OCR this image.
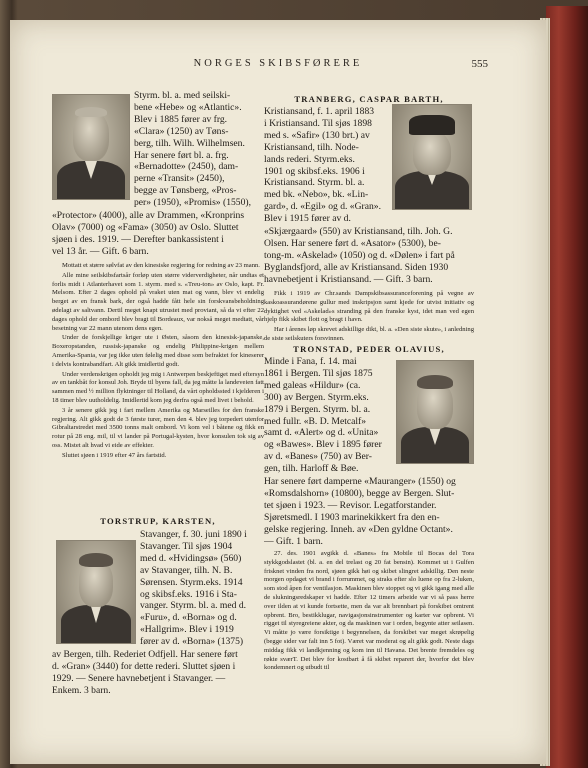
NORGES SKIBSFØRERE	555
Styrm. bl. a. med seilski-
bene «Hebe» og «Atlantic».
Blev i 1885 fører av frg.
«Clara» (1250) av Tøns-
berg, tilh. Wilh. Wilhelmsen.
Har senere ført bl. a. frg.
«Bernadotte» (2450), dam-
perne «Transit» (2450),
begge av Tønsberg, «Pros-
per» (1950), «Promis» (1550),
«Protector» (4000), alle av Drammen, «Kronprins
Olav» (7000) og «Fama» (3050) av Oslo. Sluttet
sjøen i des. 1919. — Derefter bankassistent i
vel 13 år. — Gift. 6 barn.

Mottatt et større sølvfat av den kinesiske regjering for redning av 23 mann.

Alle mine seilskibsfartsår forløp uten større viderverdigheter, når undtas et forlis midt i Atlanterhavet som 1. styrm. med s. «Treu-ton» av Oslo, kapt. Fr. Melsom. Efter 2 dages ophold på vraket uten mat og vann, blev vi endelig berget av en fransk bark, der også hadde fått hele sin forskvansbeholdning ødelagt av saltvann. Dertil meget knapt utrustet med proviant, så da vi efter 22 dages ophold der ombord blev bragt til Bordeaux, var nokså meget medtatt, vår besetning var 22 mann utenom dens egen.

Under de forskjellige kriger ute i Østen, såsom den kinesisk-japanske, Boxeropstanden, russisk-japanske og endelig Philippine-krigen mellem Amerika-Spania, var jeg ikke uten følelig med disse som befraktet for kineserer i delvis kontrabandfart. Alt gikk imidlertid godt.

Under verdenskrigen opholdt jeg mig i Antwerpen beskjeftiget med eftersyn av en tankbåt for konsul Joh. Bryde til byens fall, da jeg måtte la landeveien fatt sammen med ½ million flyktninger til Holland, da vårt opholdssted i kjelderen i 18 timer blev uutholdelig. Imidlertid kom jeg derfra også med livet i behold.

3 år senere gikk jeg i fart mellem Amerika og Marseilles for den franske regjering. Alt gikk godt de 3 første turer, men den 4. blev jeg torpedert utenfor Gibraltarstredet med 3500 tonns malt ombord. Vi kom vel i båtene og fikk en rotur på 28 eng. mil, til vi lander på Portugal-kysten, hvor konsulen tok sig av oss. Mistet alt hvad vi eide av effekter.

Sluttet sjøen i 1919 efter 47 års fartstid.

TORSTRUP, KARSTEN,
Stavanger, f. 30. juni 1890 i
Stavanger. Til sjøs 1904
med d. «Hvidingsø» (560)
av Stavanger, tilh. N. B.
Sørensen. Styrm.eks. 1914
og skibsf.eks. 1916 i Sta-
vanger. Styrm. bl. a. med d.
«Furu», d. «Borna» og d.
«Hallgrim». Blev i 1919
fører av d. «Borna» (1375)
av Bergen, tilh. Rederiet Odfjell. Har senere ført
d. «Gran» (3440) for dette rederi. Sluttet sjøen i
1929. — Senere havnebetjent i Stavanger. —
Enkem. 3 barn.
TRANBERG, CASPAR BARTH,
Kristiansand, f. 1. april 1883
i Kristiansand. Til sjøs 1898
med s. «Safir» (130 brt.) av
Kristiansand, tilh. Node-
lands rederi. Styrm.eks.
1901 og skibsf.eks. 1906 i
Kristiansand. Styrm. bl. a.
med bk. «Nebo», bk. «Lin-
gard», d. «Egil» og d. «Gran».
Blev i 1915 fører av d.
«Skjærgaard» (550) av Kristiansand, tilh. Joh. G.
Olsen. Har senere ført d. «Asator» (5300), be-
tong-m. «Askelad» (1050) og d. «Dølen» i fart på
Byglandsfjord, alle av Kristiansand. Siden 1930
havnebetjent i Kristiansand. — Gift. 3 barn.

Fikk i 1919 av Chr.sands Dampskibsassuranceforening på vegne av kaskoassurandørene gullur med inskripsjon samt kjede for utvist initiativ og dyktighet ved «Askelad»s stranding på den franske kyst, idet man ved egen hjelp fikk skibet flott og bragt i havn.

Har i årenes løp skrevet adskillige dikt, bl. a. «Den siste skute», i anledning de siste seilskuters forsvinnen.

TRONSTAD, PEDER OLAVIUS,
Minde i Fana, f. 14. mai
1861 i Bergen. Til sjøs 1875
med galeas «Hildur» (ca.
300) av Bergen. Styrm.eks.
1879 i Bergen. Styrm. bl. a.
med fullr. «B. D. Metcalf»
samt d. «Alert» og d. «Unita»
og «Bawes». Blev i 1895 fører
av d. «Banes» (750) av Ber-
gen, tilh. Harloff & Bøe.
Har senere ført damperne «Mauranger» (1550) og
«Romsdalshorn» (10800), begge av Bergen. Slut-
tet sjøen i 1923. — Revisor. Legatforstander.
Sjøretsmedl. I 1903 marinekikkert fra den en-
gelske regjering. Inneh. av «Den gyldne Octant».
— Gift. 1 barn.

27. des. 1901 avgikk d. «Banes» fra Mobile til Bocas del Tora stykkgodslastet (bl. a. en del trelast og 20 fat bensin). Kommet ut i Gulfen frisknet vinden fra nord, sjøen gikk høi og skibet slingret adskillig. Den neste morgen opdaget vi brand i forrummet, og straks efter slo luene op fra 2-luken, som stod åpen for ventilasjon. Maskinen blev stoppet og vi gikk igang med alle de slukningsredskaper vi hadde. Efter 12 timers arbeide var vi så pass herre over ilden at vi kunde fortsette, men da var alt brennbart på forskibet omtrent opbrent. Bro, bestikklugar, navigasjonsinstrumenter og karter var opbrent. Vi rigget til styregreiene akter, og da maskinen var i orden, begynte atter seilasen. Vi måtte jo være forsiktige i begynnelsen, da forskibet var meget skrøpelig (begge sider var falt inn 5 fot). Været var moderat og alt gikk godt. Neste dags middag fikk vi landkjenning og kom inn til Havana. Det brente fremdeles og røkte sværT. Det blev for kostbart å få skibet reparert der, hvorfor det blev kondemnert og utbudt til
